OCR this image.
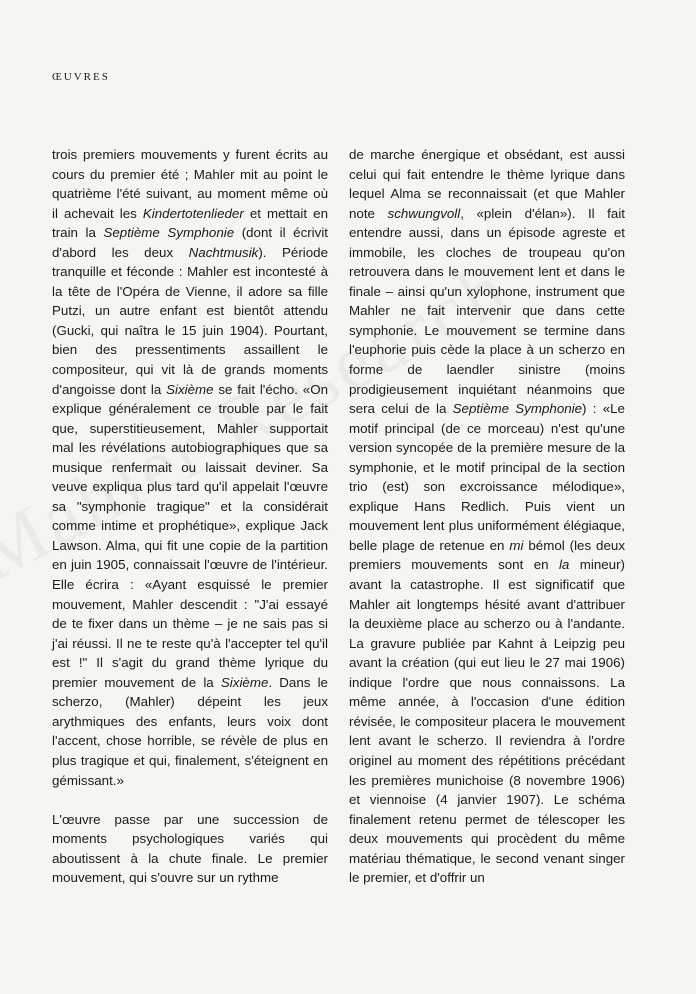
ŒUVRES

trois premiers mouvements y furent écrits au cours du premier été ; Mahler mit au point le quatrième l'été suivant, au moment même où il achevait les Kindertotenlieder et mettait en train la Septième Symphonie (dont il écrivit d'abord les deux Nachtmusik). Période tranquille et féconde : Mahler est incontesté à la tête de l'Opéra de Vienne, il adore sa fille Putzi, un autre enfant est bientôt attendu (Gucki, qui naîtra le 15 juin 1904). Pourtant, bien des pressentiments assaillent le compositeur, qui vit là de grands moments d'angoisse dont la Sixième se fait l'écho. «On explique généralement ce trouble par le fait que, superstitieusement, Mahler supportait mal les révélations autobiographiques que sa musique renfermait ou laissait deviner. Sa veuve expliqua plus tard qu'il appelait l'œuvre sa "symphonie tragique" et la considérait comme intime et prophétique», explique Jack Lawson. Alma, qui fit une copie de la partition en juin 1905, connaissait l'œuvre de l'intérieur. Elle écrira : «Ayant esquissé le premier mouvement, Mahler descendit : "J'ai essayé de te fixer dans un thème – je ne sais pas si j'ai réussi. Il ne te reste qu'à l'accepter tel qu'il est !" Il s'agit du grand thème lyrique du premier mouvement de la Sixième. Dans le scherzo, (Mahler) dépeint les jeux arythmiques des enfants, leurs voix dont l'accent, chose horrible, se révèle de plus en plus tragique et qui, finalement, s'éteignent en gémissant.»

L'œuvre passe par une succession de moments psychologiques variés qui aboutissent à la chute finale. Le premier mouvement, qui s'ouvre sur un rythme

de marche énergique et obsédant, est aussi celui qui fait entendre le thème lyrique dans lequel Alma se reconnaissait (et que Mahler note schwungvoll, «plein d'élan»). Il fait entendre aussi, dans un épisode agreste et immobile, les cloches de troupeau qu'on retrouvera dans le mouvement lent et dans le finale – ainsi qu'un xylophone, instrument que Mahler ne fait intervenir que dans cette symphonie. Le mouvement se termine dans l'euphorie puis cède la place à un scherzo en forme de laendler sinistre (moins prodigieusement inquiétant néanmoins que sera celui de la Septième Symphonie) : «Le motif principal (de ce morceau) n'est qu'une version syncopée de la première mesure de la symphonie, et le motif principal de la section trio (est) son excroissance mélodique», explique Hans Redlich. Puis vient un mouvement lent plus uniformément élégiaque, belle plage de retenue en mi bémol (les deux premiers mouvements sont en la mineur) avant la catastrophe. Il est significatif que Mahler ait longtemps hésité avant d'attribuer la deuxième place au scherzo ou à l'andante. La gravure publiée par Kahnt à Leipzig peu avant la création (qui eut lieu le 27 mai 1906) indique l'ordre que nous connaissons. La même année, à l'occasion d'une édition révisée, le compositeur placera le mouvement lent avant le scherzo. Il reviendra à l'ordre originel au moment des répétitions précédant les premières munichoise (8 novembre 1906) et viennoise (4 janvier 1907). Le schéma finalement retenu permet de télescoper les deux mouvements qui procèdent du même matériau thématique, le second venant singer le premier, et d'offrir un
